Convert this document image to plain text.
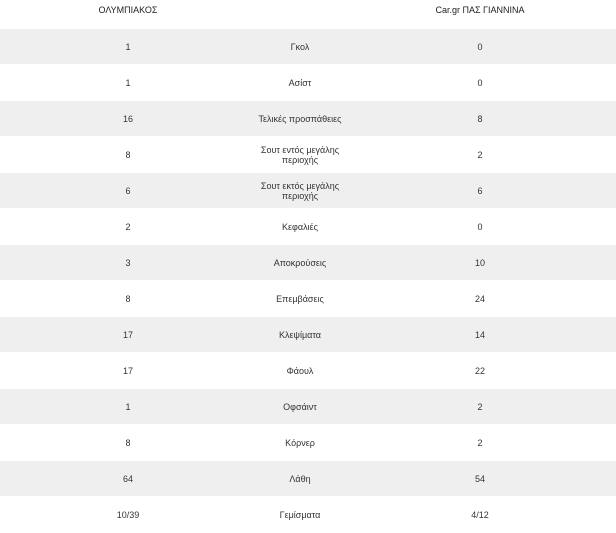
ΟΛΥΜΠΙΑΚΟΣ		Car.gr ΠΑΣ ΓΙΑΝΝΙΝΑ
1	Γκολ	0
1	Ασίστ	0
16	Τελικές προσπάθειες	8
8	Σουτ εντός μεγάλης περιοχής	2
6	Σουτ εκτός μεγάλης περιοχής	6
2	Κεφαλιές	0
3	Αποκρούσεις	10
8	Επεμβάσεις	24
17	Κλεψίματα	14
17	Φάουλ	22
1	Οφσάιντ	2
8	Κόρνερ	2
64	Λάθη	54
10/39	Γεμίσματα	4/12
